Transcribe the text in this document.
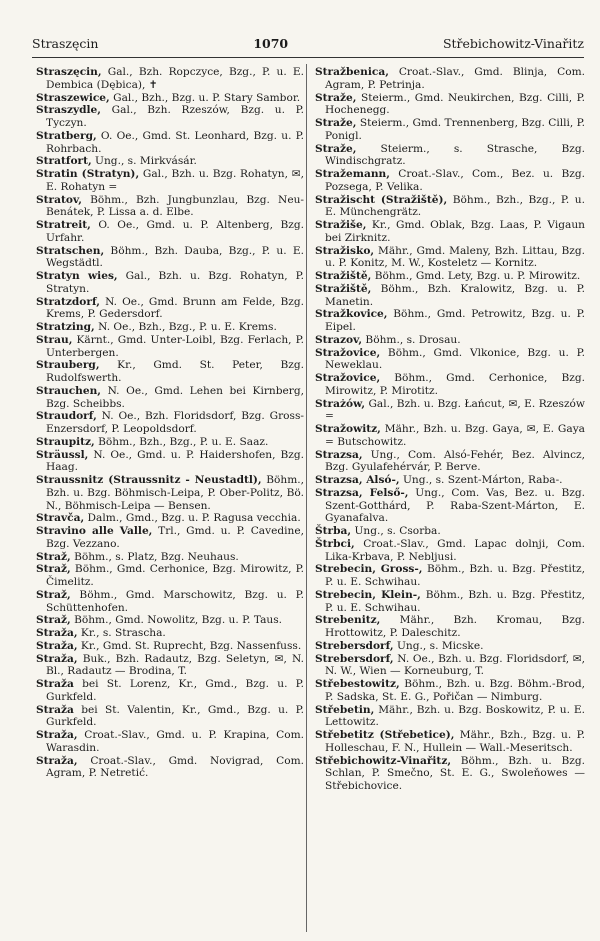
Straszęcin	1070	Střebichowitz-Vinařitz
Straszęcin, Gal., Bzh. Ropczyce, Bzg., P. u. E. Dembica (Dębica), ✝
Straszewice, Gal., Bzh., Bzg. u. P. Stary Sambor.
Straszydle, Gal., Bzh. Rzeszów, Bzg. u. P. Tyczyn.
Stratberg, O. Oe., Gmd. St. Leonhard, Bzg. u. P. Rohrbach.
Stratfort, Ung., s. Mirkvásár.
Stratin (Stratyn), Gal., Bzh. u. Bzg. Rohatyn, ✉, E. Rohatyn =
Stratov, Böhm., Bzh. Jungbunzlau, Bzg. Neu-Benátek, P. Lissa a. d. Elbe.
Stratreit, O. Oe., Gmd. u. P. Altenberg, Bzg. Urfahr.
Stratschen, Böhm., Bzh. Dauba, Bzg., P. u. E. Wegstädtl.
Stratyn wies, Gal., Bzh. u. Bzg. Rohatyn, P. Stratyn.
Stratzdorf, N. Oe., Gmd. Brunn am Felde, Bzg. Krems, P. Gedersdorf.
Stratzing, N. Oe., Bzh., Bzg., P. u. E. Krems.
Strau, Kärnt., Gmd. Unter-Loibl, Bzg. Ferlach, P. Unterbergen.
Strauberg, Kr., Gmd. St. Peter, Bzg. Rudolfswerth.
Strauchen, N. Oe., Gmd. Lehen bei Kirnberg, Bzg. Scheibbs.
Straudorf, N. Oe., Bzh. Floridsdorf, Bzg. Gross-Enzersdorf, P. Leopoldsdorf.
Straupitz, Böhm., Bzh., Bzg., P. u. E. Saaz.
Sträussl, N. Oe., Gmd. u. P. Haidershofen, Bzg. Haag.
Straussnitz (Straussnitz - Neustadtl), Böhm., Bzh. u. Bzg. Böhmisch-Leipa, P. Ober-Politz, Bö. N., Böhmisch-Leipa — Bensen.
Stravča, Dalm., Gmd., Bzg. u. P. Ragusa vecchia.
Stravino alle Valle, Trl., Gmd. u. P. Cavedine, Bzg. Vezzano.
Straž, Böhm., s. Platz, Bzg. Neuhaus.
Straž, Böhm., Gmd. Cerhonice, Bzg. Mirowitz, P. Čimelitz.
Straž, Böhm., Gmd. Marschowitz, Bzg. u. P. Schüttenhofen.
Straž, Böhm., Gmd. Nowolitz, Bzg. u. P. Taus.
Straža, Kr., s. Strascha.
Straža, Kr., Gmd. St. Ruprecht, Bzg. Nassenfuss.
Straža, Buk., Bzh. Radautz, Bzg. Seletyn, ✉, N. Bl., Radautz — Brodina, T.
Straža bei St. Lorenz, Kr., Gmd., Bzg. u. P. Gurkfeld.
Straža bei St. Valentin, Kr., Gmd., Bzg. u. P. Gurkfeld.
Straža, Croat.-Slav., Gmd. u. P. Krapina, Com. Warasdin.
Straža, Croat.-Slav., Gmd. Novigrad, Com. Agram, P. Netretić.
Stražbenica, Croat.-Slav., Gmd. Blinja, Com. Agram, P. Petrinja.
Straže, Steierm., Gmd. Neukirchen, Bzg. Cilli, P. Hochenegg.
Straže, Steierm., Gmd. Trennenberg, Bzg. Cilli, P. Ponigl.
Straže, Steierm., s. Strasche, Bzg. Windischgratz.
Stražemann, Croat.-Slav., Com., Bez. u. Bzg. Pozsega, P. Velika.
Stražischt (Stražiště), Böhm., Bzh., Bzg., P. u. E. Münchengrätz.
Stražiše, Kr., Gmd. Oblak, Bzg. Laas, P. Vigaun bei Zirknitz.
Stražisko, Mähr., Gmd. Maleny, Bzh. Littau, Bzg. u. P. Konitz, M. W., Kosteletz — Kornitz.
Stražiště, Böhm., Gmd. Lety, Bzg. u. P. Mirowitz.
Stražiště, Böhm., Bzh. Kralowitz, Bzg. u. P. Manetin.
Stražkovice, Böhm., Gmd. Petrowitz, Bzg. u. P. Eipel.
Strazov, Böhm., s. Drosau.
Stražovice, Böhm., Gmd. Vlkonice, Bzg. u. P. Neweklau.
Stražovice, Böhm., Gmd. Cerhonice, Bzg. Mirowitz, P. Mirotitz.
Strażów, Gal., Bzh. u. Bzg. Łańcut, ✉, E. Rzeszów =
Stražowitz, Mähr., Bzh. u. Bzg. Gaya, ✉, E. Gaya = Butschowitz.
Strazsa, Ung., Com. Alsó-Fehér, Bez. Alvincz, Bzg. Gyulafehérvár, P. Berve.
Strazsa, Alsó-, Ung., s. Szent-Márton, Raba-.
Strazsa, Felső-, Ung., Com. Vas, Bez. u. Bzg. Szent-Gotthárd, P. Raba-Szent-Márton, E. Gyanafalva.
Štrba, Ung., s. Csorba.
Štrbci, Croat.-Slav., Gmd. Lapac dolnji, Com. Lika-Krbava, P. Nebljusi.
Strebecin, Gross-, Böhm., Bzh. u. Bzg. Přestitz, P. u. E. Schwihau.
Strebecin, Klein-, Böhm., Bzh. u. Bzg. Přestitz, P. u. E. Schwihau.
Strebenitz, Mähr., Bzh. Kromau, Bzg. Hrottowitz, P. Daleschitz.
Strebersdorf, Ung., s. Micske.
Strebersdorf, N. Oe., Bzh. u. Bzg. Floridsdorf, ✉, N. W., Wien — Korneuburg, T.
Střebestowitz, Böhm., Bzh. u. Bzg. Böhm.-Brod, P. Sadska, St. E. G., Pořičan — Nimburg.
Střebetin, Mähr., Bzh. u. Bzg. Boskowitz, P. u. E. Lettowitz.
Střebetitz (Střebetice), Mähr., Bzh., Bzg. u. P. Holleschau, F. N., Hullein — Wall.-Meseritsch.
Střebichowitz-Vinařitz, Böhm., Bzh. u. Bzg. Schlan, P. Smečno, St. E. G., Swoleňowes — Střebichovice.
